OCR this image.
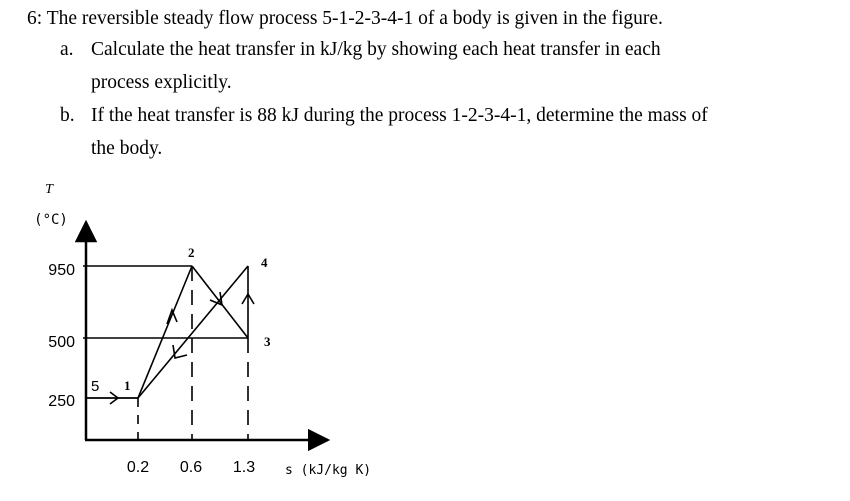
6: The reversible steady flow process 5-1-2-3-4-1 of a body is given in the figure.
a. Calculate the heat transfer in kJ/kg by showing each heat transfer in each
process explicitly.
b. If the heat transfer is 88 kJ during the process 1-2-3-4-1, determine the mass of
the body.
T
(°C)
s (kJ/kg K)
950
500
250
0.2 0.6 1.3
5 1
2
3
4
